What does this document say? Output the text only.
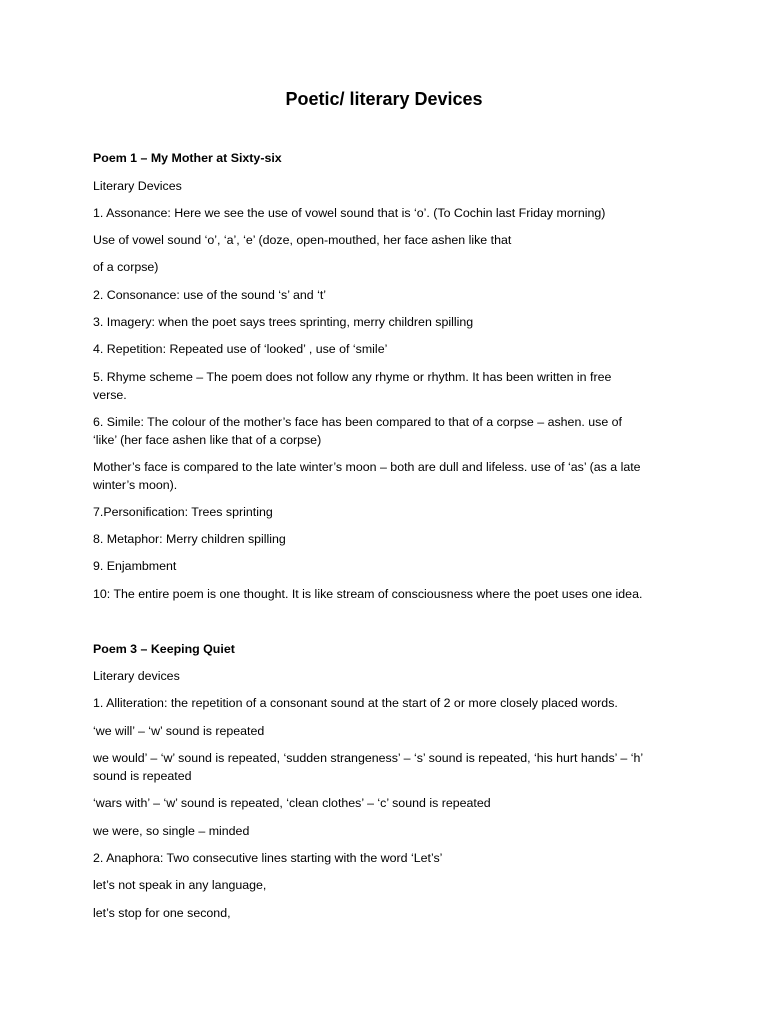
Poetic/ literary Devices

Poem 1 – My Mother at Sixty-six

Literary Devices

1. Assonance: Here we see the use of vowel sound that is ‘o’. (To Cochin last Friday morning)

Use of vowel sound ‘o’, ‘a’, ‘e’ (doze, open-mouthed, her face ashen like that

of a corpse)

2. Consonance: use of the sound ‘s’ and ‘t’

3. Imagery: when the poet says trees sprinting, merry children spilling

4. Repetition: Repeated use of ‘looked’ , use of ‘smile’

5. Rhyme scheme – The poem does not follow any rhyme or rhythm. It has been written in free

verse.

6. Simile: The colour of the mother’s face has been compared to that of a corpse – ashen. use of

‘like’ (her face ashen like that of a corpse)

Mother’s face is compared to the late winter’s moon – both are dull and lifeless. use of ‘as’ (as a late

winter’s moon).

7.Personification: Trees sprinting

8. Metaphor: Merry children spilling

9. Enjambment

10: The entire poem is one thought. It is like stream of consciousness where the poet uses one idea.

Poem 3 – Keeping Quiet

Literary devices

1. Alliteration: the repetition of a consonant sound at the start of 2 or more closely placed words.

‘we will’ – ‘w’ sound is repeated

we would’ – ‘w’ sound is repeated, ‘sudden strangeness’ – ‘s’ sound is repeated, ‘his hurt hands’ – ‘h’

sound is repeated

‘wars with’ – ‘w’ sound is repeated, ‘clean clothes’ – ‘c’ sound is repeated

we were, so single – minded

2. Anaphora: Two consecutive lines starting with the word ‘Let’s’

let’s not speak in any language,

let’s stop for one second,
